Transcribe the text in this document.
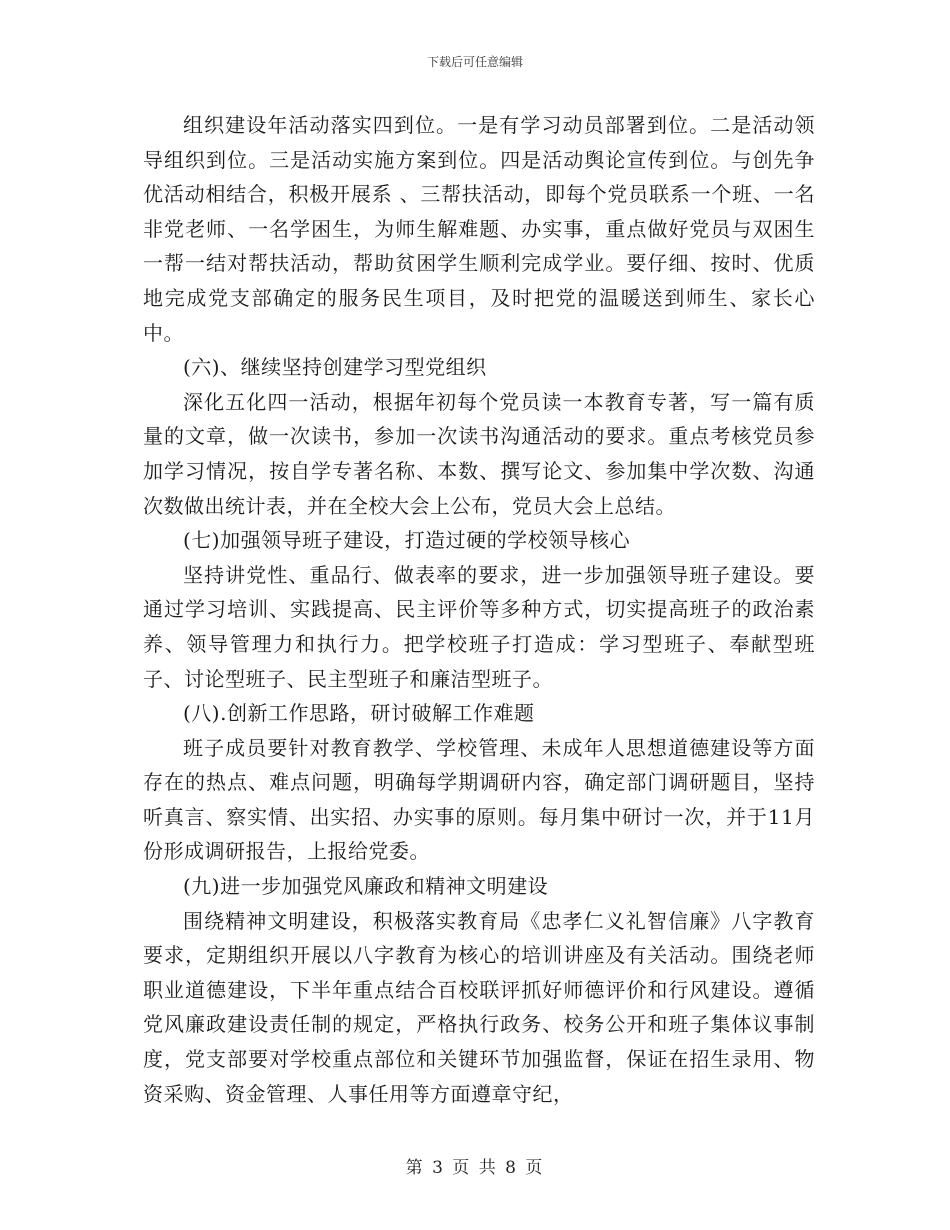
下载后可任意编辑

组织建设年活动落实四到位。一是有学习动员部署到位。二是活动领导组织到位。三是活动实施方案到位。四是活动舆论宣传到位。与创先争优活动相结合，积极开展系 、三帮扶活动，即每个党员联系一个班、一名非党老师、一名学困生，为师生解难题、办实事，重点做好党员与双困生一帮一结对帮扶活动，帮助贫困学生顺利完成学业。要仔细、按时、优质地完成党支部确定的服务民生项目，及时把党的温暖送到师生、家长心中。

(六)、继续坚持创建学习型党组织

深化五化四一活动，根据年初每个党员读一本教育专著，写一篇有质量的文章，做一次读书，参加一次读书沟通活动的要求。重点考核党员参加学习情况，按自学专著名称、本数、撰写论文、参加集中学次数、沟通次数做出统计表，并在全校大会上公布，党员大会上总结。

(七)加强领导班子建设，打造过硬的学校领导核心

坚持讲党性、重品行、做表率的要求，进一步加强领导班子建设。要通过学习培训、实践提高、民主评价等多种方式，切实提高班子的政治素养、领导管理力和执行力。把学校班子打造成：学习型班子、奉献型班子、讨论型班子、民主型班子和廉洁型班子。

(八).创新工作思路，研讨破解工作难题

班子成员要针对教育教学、学校管理、未成年人思想道德建设等方面存在的热点、难点问题，明确每学期调研内容，确定部门调研题目，坚持听真言、察实情、出实招、办实事的原则。每月集中研讨一次，并于11月份形成调研报告，上报给党委。

(九)进一步加强党风廉政和精神文明建设

围绕精神文明建设，积极落实教育局《忠孝仁义礼智信廉》八字教育要求，定期组织开展以八字教育为核心的培训讲座及有关活动。围绕老师职业道德建设，下半年重点结合百校联评抓好师德评价和行风建设。遵循党风廉政建设责任制的规定，严格执行政务、校务公开和班子集体议事制度，党支部要对学校重点部位和关键环节加强监督，保证在招生录用、物资采购、资金管理、人事任用等方面遵章守纪，

第 3 页 共 8 页
